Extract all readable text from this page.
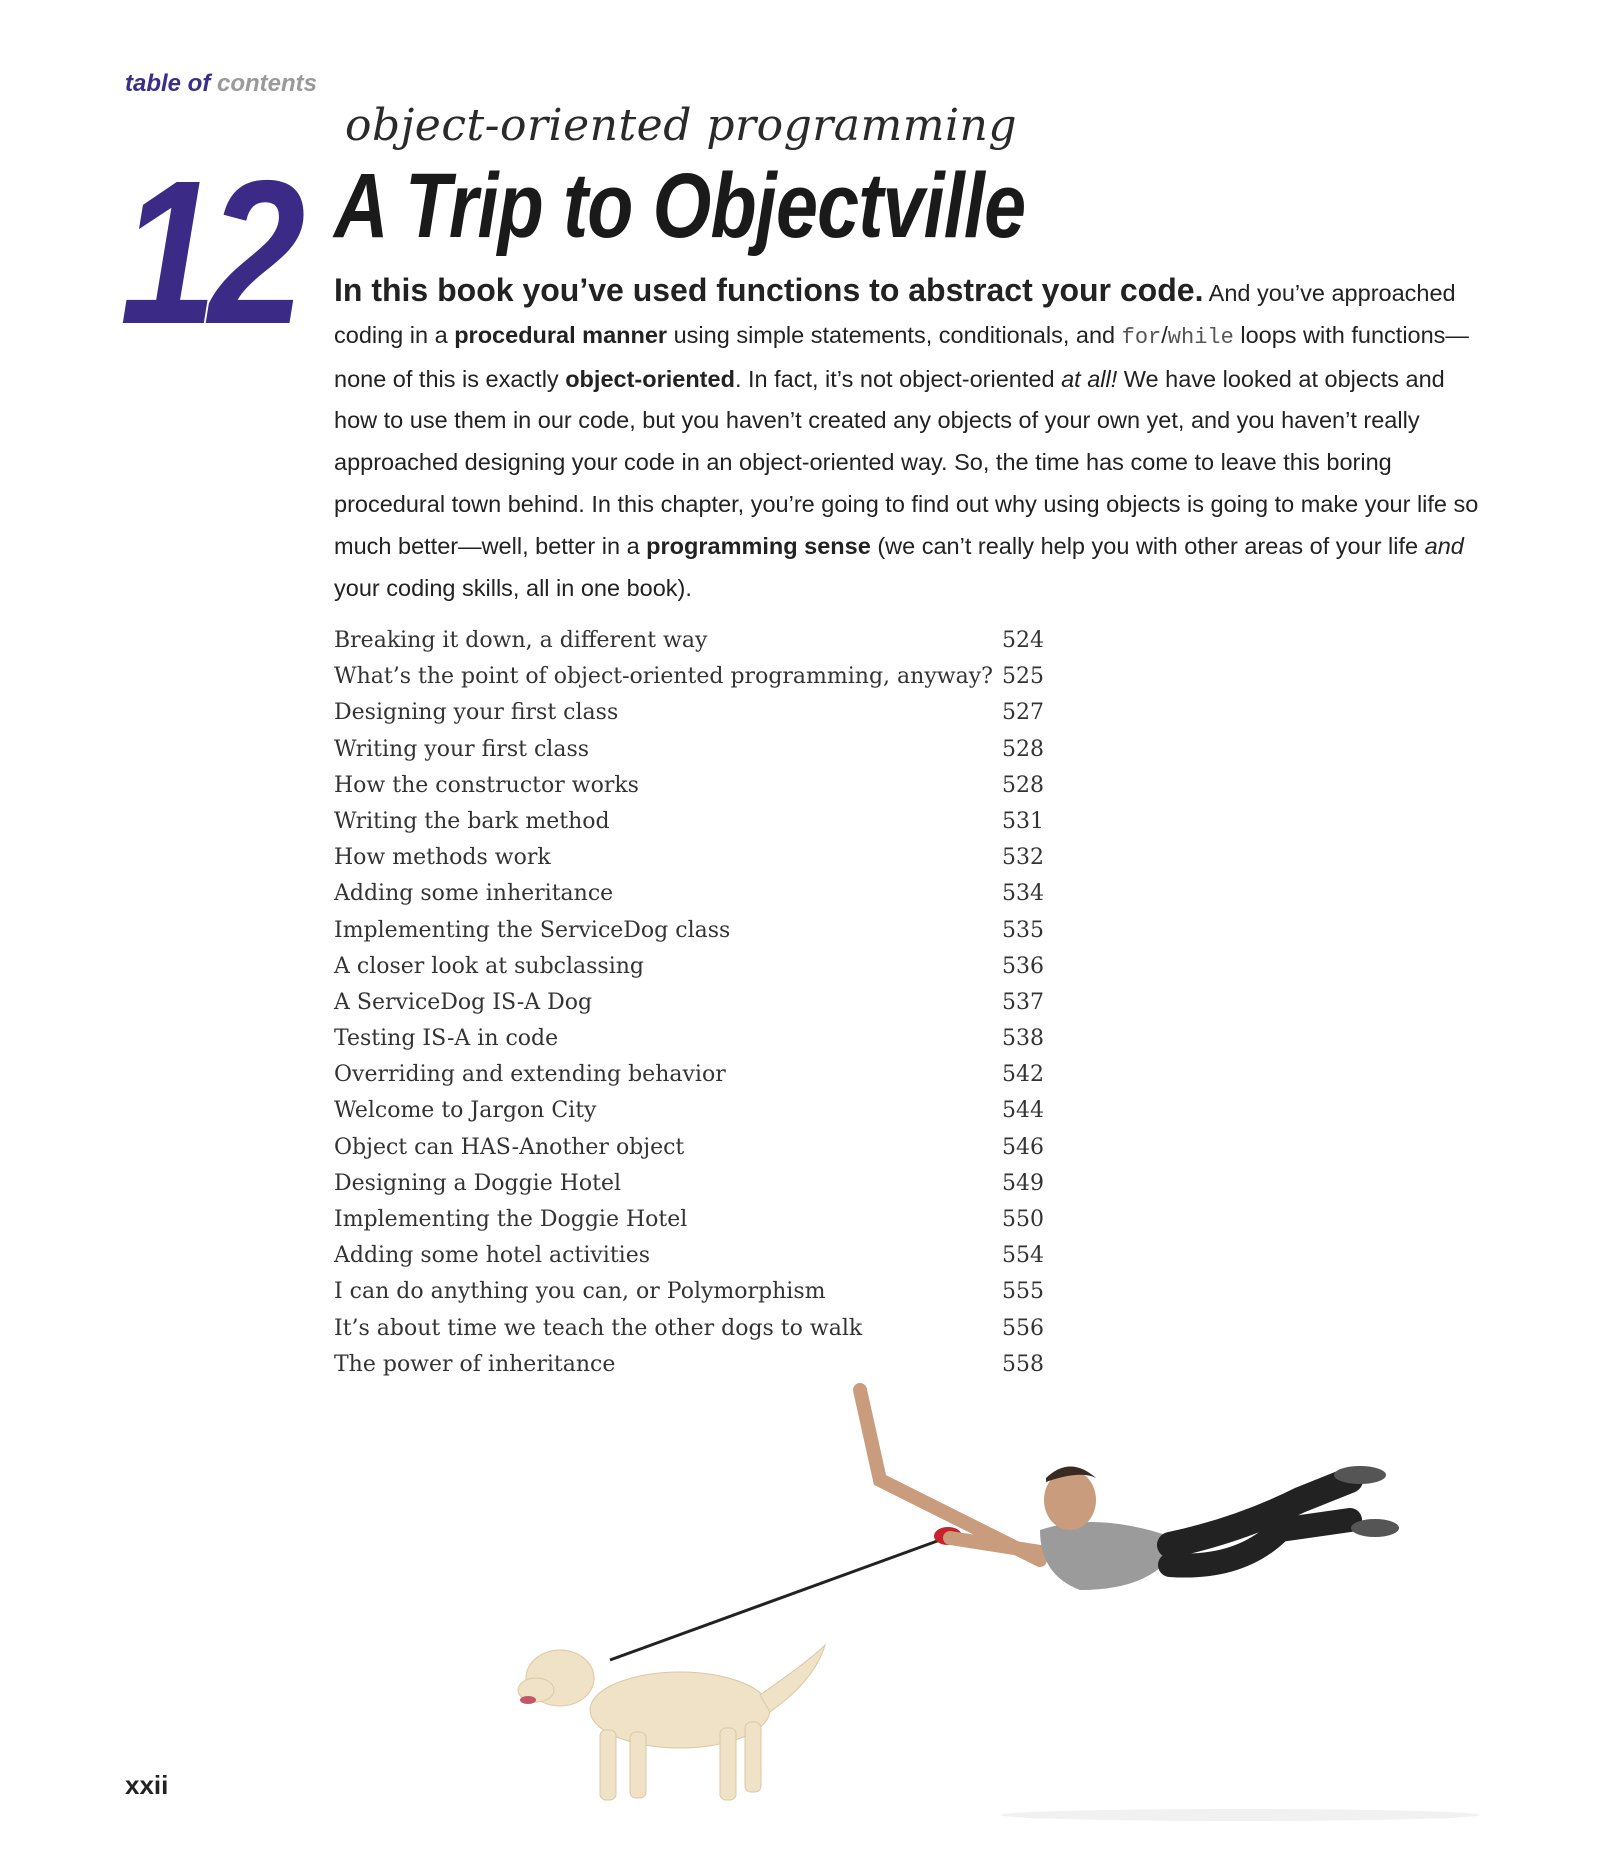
table of contents
object-oriented programming
12 A Trip to Objectville
In this book you’ve used functions to abstract your code. And you’ve approached coding in a procedural manner using simple statements, conditionals, and for/while loops with functions—none of this is exactly object-oriented. In fact, it’s not object-oriented at all! We have looked at objects and how to use them in our code, but you haven’t created any objects of your own yet, and you haven’t really approached designing your code in an object-oriented way. So, the time has come to leave this boring procedural town behind. In this chapter, you’re going to find out why using objects is going to make your life so much better—well, better in a programming sense (we can’t really help you with other areas of your life and your coding skills, all in one book).
Breaking it down, a different way	524
What’s the point of object-oriented programming, anyway? 525
Designing your first class	527
Writing your first class	528
How the constructor works	528
Writing the bark method	531
How methods work	532
Adding some inheritance	534
Implementing the ServiceDog class	535
A closer look at subclassing	536
A ServiceDog IS-A Dog	537
Testing IS-A in code	538
Overriding and extending behavior	542
Welcome to Jargon City	544
Object can HAS-Another object	546
Designing a Doggie Hotel	549
Implementing the Doggie Hotel	550
Adding some hotel activities	554
I can do anything you can, or Polymorphism	555
It’s about time we teach the other dogs to walk	556
The power of inheritance	558
xxii
